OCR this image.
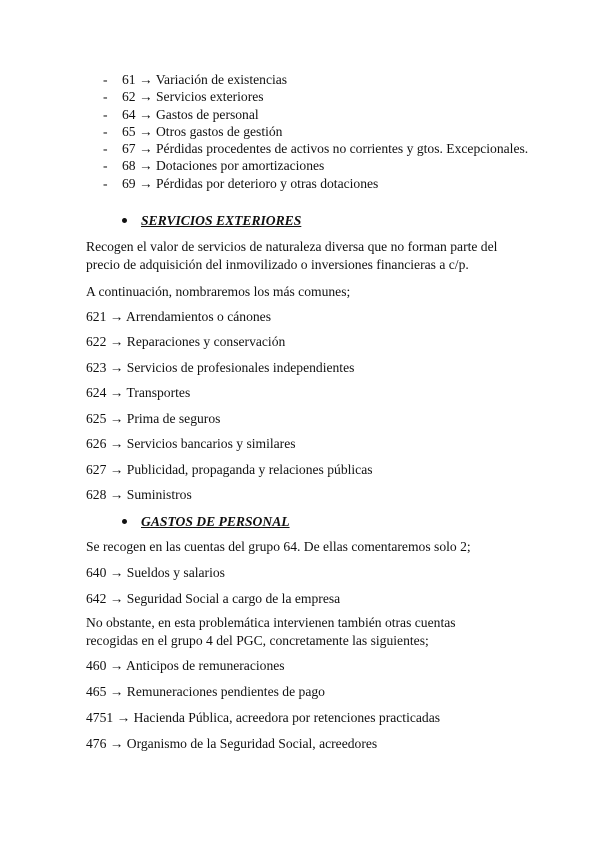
-	61 → Variación de existencias
-	62 → Servicios exteriores
-	64 → Gastos de personal
-	65 → Otros gastos de gestión
-	67 → Pérdidas procedentes de activos no corrientes y gtos. Excepcionales.
-	68 → Dotaciones por amortizaciones
-	69 → Pérdidas por deterioro y otras dotaciones
SERVICIOS EXTERIORES
Recogen el valor de servicios de naturaleza diversa que no forman parte del precio de adquisición del inmovilizado o inversiones financieras a c/p.
A continuación, nombraremos los más comunes;
621 → Arrendamientos o cánones
622 → Reparaciones y conservación
623 → Servicios de profesionales independientes
624 → Transportes
625 → Prima de seguros
626 → Servicios bancarios y similares
627 → Publicidad, propaganda y relaciones públicas
628 → Suministros
GASTOS DE PERSONAL
Se recogen en las cuentas del grupo 64. De ellas comentaremos solo 2;
640 → Sueldos y salarios
642 → Seguridad Social a cargo de la empresa
No obstante, en esta problemática intervienen también otras cuentas recogidas en el grupo 4 del PGC, concretamente las siguientes;
460 → Anticipos de remuneraciones
465 → Remuneraciones pendientes de pago
4751 → Hacienda Pública, acreedora por retenciones practicadas
476 → Organismo de la Seguridad Social, acreedores
